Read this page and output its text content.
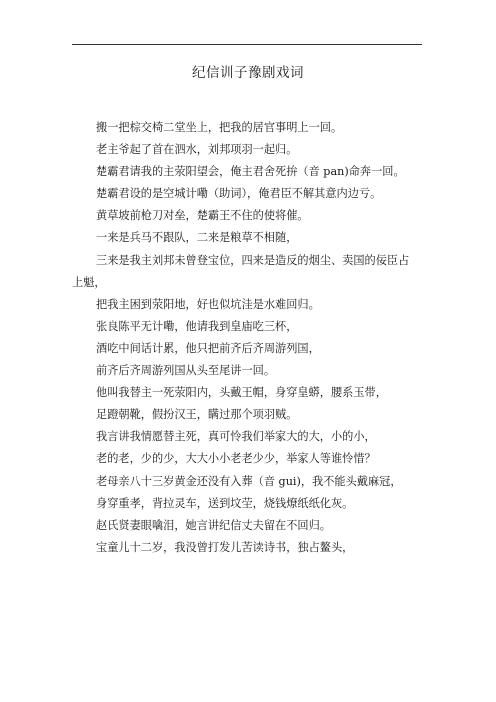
纪信训子豫剧戏词
搬一把棕交椅二堂坐上，把我的居官事明上一回。
老主爷起了首在泗水，刘邦项羽一起归。
楚霸君请我的主荥阳望会，俺主君舍死拚（音 pan)命奔一回。
楚霸君设的是空城计嘞（助词），俺君臣不解其意内边亏。
黄草坡前枪刀对垒，楚霸王不住的使将催。
一来是兵马不跟队，二来是粮草不相随，
三来是我主刘邦未曾登宝位，四来是造反的烟尘、卖国的佞臣占
上魁，
把我主困到荥阳地，好也似坑洼是水难回归。
张良陈平无计嘞，他请我到皇庙吃三杯，
酒吃中间话计累，他只把前齐后齐周游列国，
前齐后齐周游列国从头至尾讲一回。
他叫我替主一死荥阳内，头戴王帽，身穿皇蟒，腰系玉带，
足蹬朝靴，假扮汉王，瞒过那个项羽贼。
我言讲我情愿替主死，真可怜我们举家大的大，小的小，
老的老，少的少，大大小小老老少少，举家人等谁怜惜？
老母亲八十三岁黄金还没有入葬（音 gui)，我不能头戴麻冠，
身穿重孝，背拉灵车，送到坟茔，烧钱燎纸纸化灰。
赵氏贤妻眼噙泪，她言讲纪信丈夫留在不回归。
宝童儿十二岁，我没曾打发儿苦读诗书，独占鳌头，
